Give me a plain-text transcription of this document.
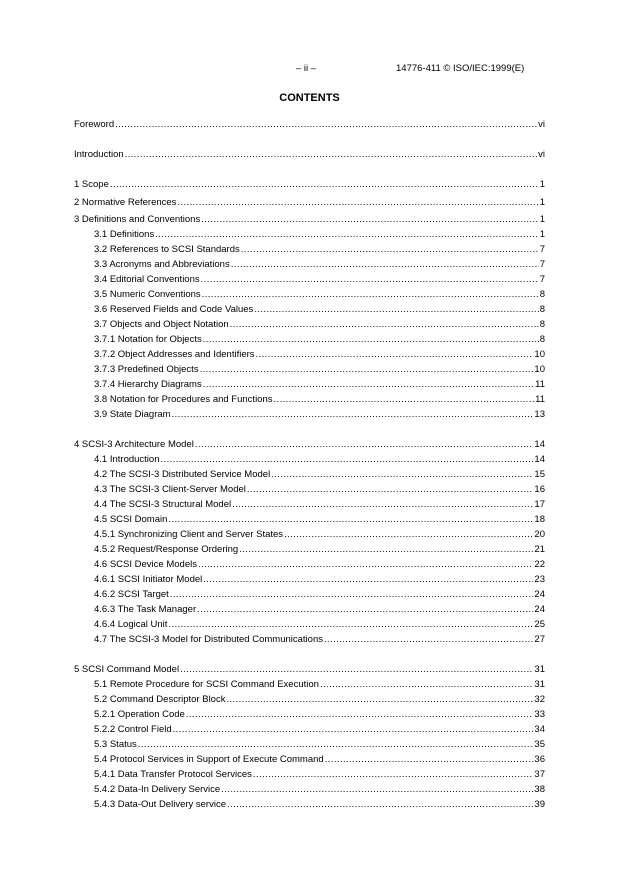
– ii –	14776-411 © ISO/IEC:1999(E)
CONTENTS
Foreword .....	vi
Introduction .....	vi
1 Scope .....	1
2 Normative References .....	1
3 Definitions and Conventions .....	1
3.1 Definitions .....	1
3.2 References to SCSI Standards .....	7
3.3 Acronyms and Abbreviations .....	7
3.4 Editorial Conventions .....	7
3.5 Numeric Conventions .....	8
3.6 Reserved Fields and Code Values .....	8
3.7 Objects and Object Notation .....	8
3.7.1 Notation for Objects .....	8
3.7.2 Object Addresses and Identifiers .....	10
3.7.3 Predefined Objects .....	10
3.7.4 Hierarchy Diagrams .....	11
3.8 Notation for Procedures and Functions .....	11
3.9 State Diagram .....	13
4 SCSI-3 Architecture Model .....	14
4.1 Introduction .....	14
4.2 The SCSI-3 Distributed Service Model .....	15
4.3 The SCSI-3 Client-Server Model .....	16
4.4 The SCSI-3 Structural Model .....	17
4.5 SCSI Domain .....	18
4.5.1 Synchronizing Client and Server States .....	20
4.5.2 Request/Response Ordering .....	21
4.6 SCSI Device Models .....	22
4.6.1 SCSI Initiator Model .....	23
4.6.2 SCSI Target .....	24
4.6.3 The Task Manager .....	24
4.6.4 Logical Unit .....	25
4.7 The SCSI-3 Model for Distributed Communications .....	27
5 SCSI Command Model .....	31
5.1 Remote Procedure for SCSI Command Execution .....	31
5.2 Command Descriptor Block .....	32
5.2.1 Operation Code .....	33
5.2.2 Control Field .....	34
5.3 Status .....	35
5.4 Protocol Services in Support of Execute Command .....	36
5.4.1 Data Transfer Protocol Services .....	37
5.4.2 Data-In Delivery Service .....	38
5.4.3 Data-Out Delivery service .....	39
